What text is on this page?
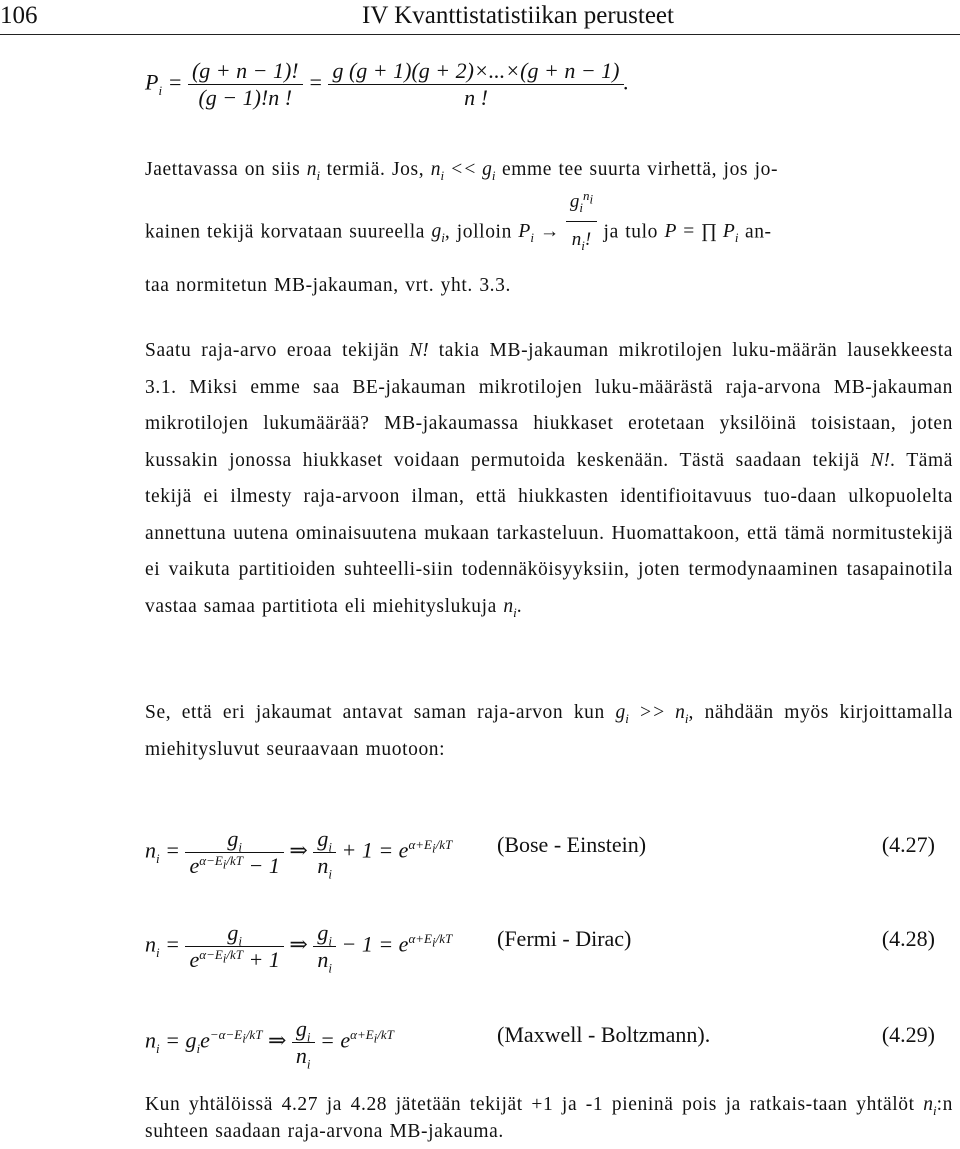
106	IV Kvanttistatistiikan perusteet
$P_i = \frac{(g + n - 1)!}{(g - 1)!n !} = \frac{g (g + 1)(g + 2)\times...\times(g + n - 1)}{n !}$ .
Jaettavassa on siis $n_i$ termiä. Jos, $n_i << g_i$ emme tee suurta virhettä, jos jo-
kainen tekijä korvataan suureella $g_i$, jolloin $P_i \to \frac{g_i^{n_i}}{n_i!}$ ja tulo P = ∏ $P_i$ an-
taa normitetun MB-jakauman, vrt. yht. 3.3.
Saatu raja-arvo eroaa tekijän N! takia MB-jakauman mikrotilojen luku-määrän lausekkeesta 3.1. Miksi emme saa BE-jakauman mikrotilojen luku-määrästä raja-arvona MB-jakauman mikrotilojen lukumäärää? MB-jakaumassa hiukkaset erotetaan yksilöinä toisistaan, joten kussakin jonossa hiukkaset voidaan permutoida keskenään. Tästä saadaan tekijä N!. Tämä tekijä ei ilmesty raja-arvoon ilman, että hiukkasten identifioitavuus tuo-daan ulkopuolelta annettuna uutena ominaisuutena mukaan tarkasteluun. Huomattakoon, että tämä normitustekijä ei vaikuta partitioiden suhteelli-siin todennäköisyyksiin, joten termodynaaminen tasapainotila vastaa samaa partitiota eli miehityslukuja $n_i$.
Se, että eri jakaumat antavat saman raja-arvon kun $g_i >> n_i$, nähdään myös kirjoittamalla miehitysluvut seuraavaan muotoon:
$n_i = \frac{g_i}{e^{\alpha-E_i/kT} - 1}$ ⇒ $\frac{g_i}{n_i} + 1 = e^{\alpha+E_i/kT}$ (Bose - Einstein)	(4.27)
$n_i = \frac{g_i}{e^{\alpha-E_i/kT} + 1}$ ⇒ $\frac{g_i}{n_i} - 1 = e^{\alpha+E_i/kT}$ (Fermi - Dirac)	(4.28)
$n_i = g_ie^{-\alpha-E_i/kT}$ ⇒ $\frac{g_i}{n_i} = e^{\alpha+E_i/kT}$	(Maxwell - Boltzmann).	(4.29)
Kun yhtälöissä 4.27 ja 4.28 jätetään tekijät +1 ja -1 pieninä pois ja ratkais-taan yhtälöt $n_i:n$ suhteen saadaan raja-arvona MB-jakauma.
